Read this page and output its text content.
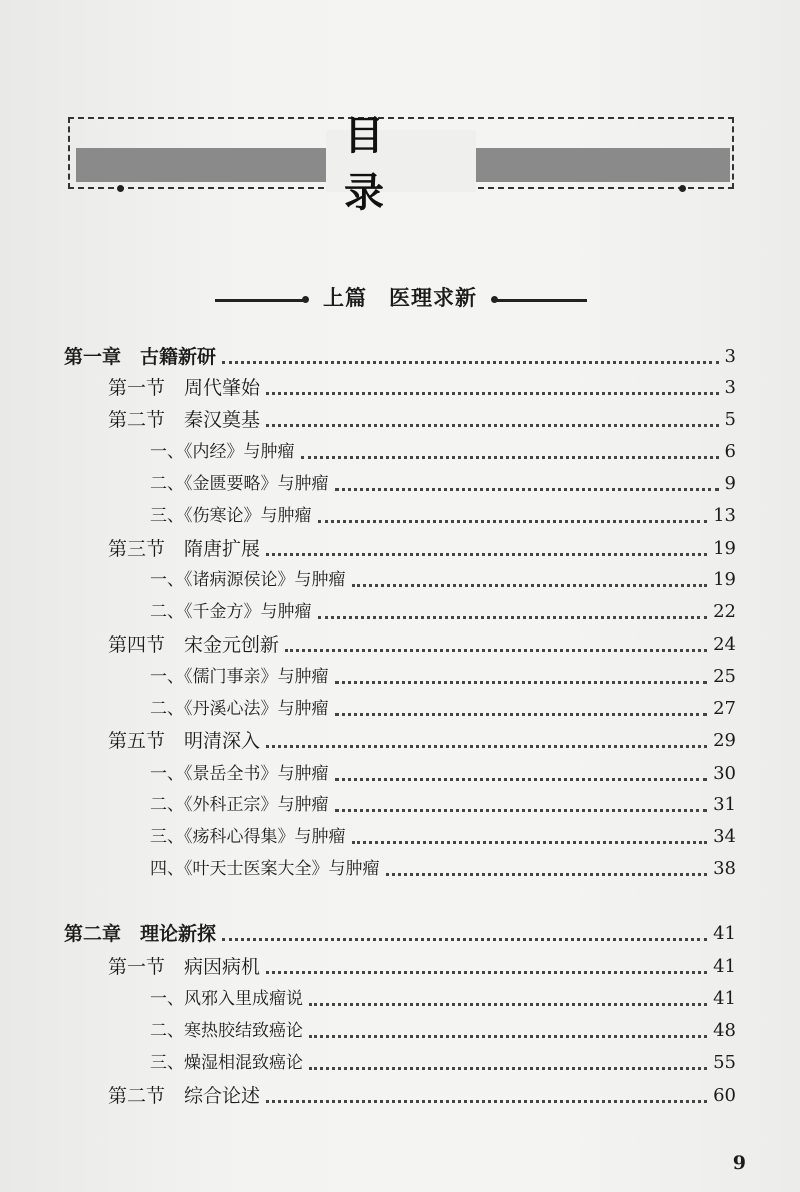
目 录
上篇　医理求新
第一章　古籍新研	3
第一节　周代肇始	3
第二节　秦汉奠基	5
一、《内经》与肿瘤	6
二、《金匮要略》与肿瘤	9
三、《伤寒论》与肿瘤	13
第三节　隋唐扩展	19
一、《诸病源侯论》与肿瘤	19
二、《千金方》与肿瘤	22
第四节　宋金元创新	24
一、《儒门事亲》与肿瘤	25
二、《丹溪心法》与肿瘤	27
第五节　明清深入	29
一、《景岳全书》与肿瘤	30
二、《外科正宗》与肿瘤	31
三、《疡科心得集》与肿瘤	34
四、《叶天士医案大全》与肿瘤	38
第二章　理论新探	41
第一节　病因病机	41
一、风邪入里成瘤说	41
二、寒热胶结致癌论	48
三、燥湿相混致癌论	55
第二节　综合论述	60
9
